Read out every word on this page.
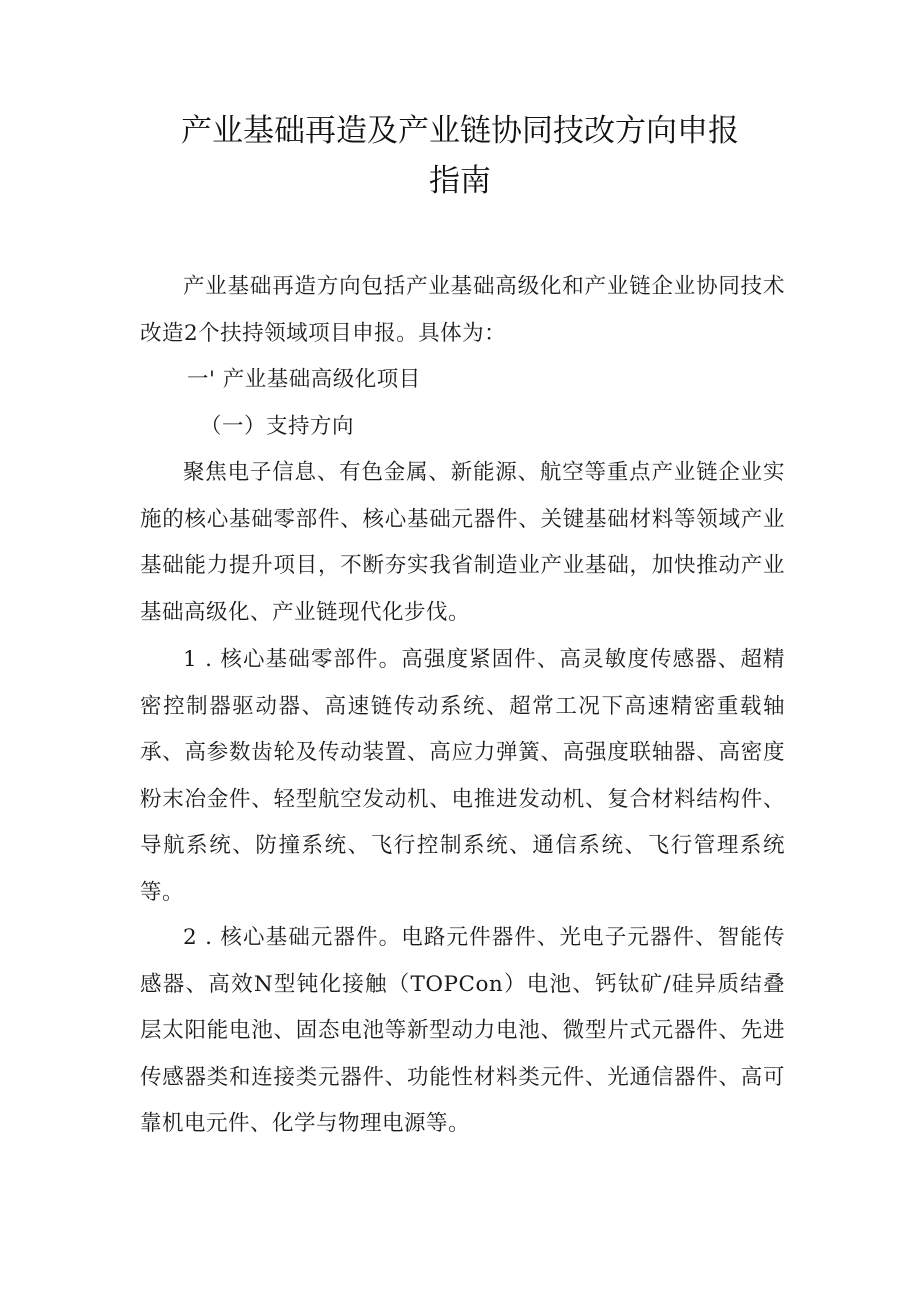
产业基础再造及产业链协同技改方向申报
指南

产业基础再造方向包括产业基础高级化和产业链企业协同技术改造2个扶持领域项目申报。具体为：

一' 产业基础高级化项目

（一）支持方向

聚焦电子信息、有色金属、新能源、航空等重点产业链企业实施的核心基础零部件、核心基础元器件、关键基础材料等领域产业基础能力提升项目，不断夯实我省制造业产业基础，加快推动产业基础高级化、产业链现代化步伐。

1 . 核心基础零部件。高强度紧固件、高灵敏度传感器、超精密控制器驱动器、高速链传动系统、超常工况下高速精密重载轴承、高参数齿轮及传动装置、高应力弹簧、高强度联轴器、高密度粉末冶金件、轻型航空发动机、电推进发动机、复合材料结构件、导航系统、防撞系统、飞行控制系统、通信系统、飞行管理系统等。

2 . 核心基础元器件。电路元件器件、光电子元器件、智能传感器、高效N型钝化接触（TOPCon）电池、钙钛矿/硅异质结叠层太阳能电池、固态电池等新型动力电池、微型片式元器件、先进传感器类和连接类元器件、功能性材料类元件、光通信器件、高可靠机电元件、化学与物理电源等。
